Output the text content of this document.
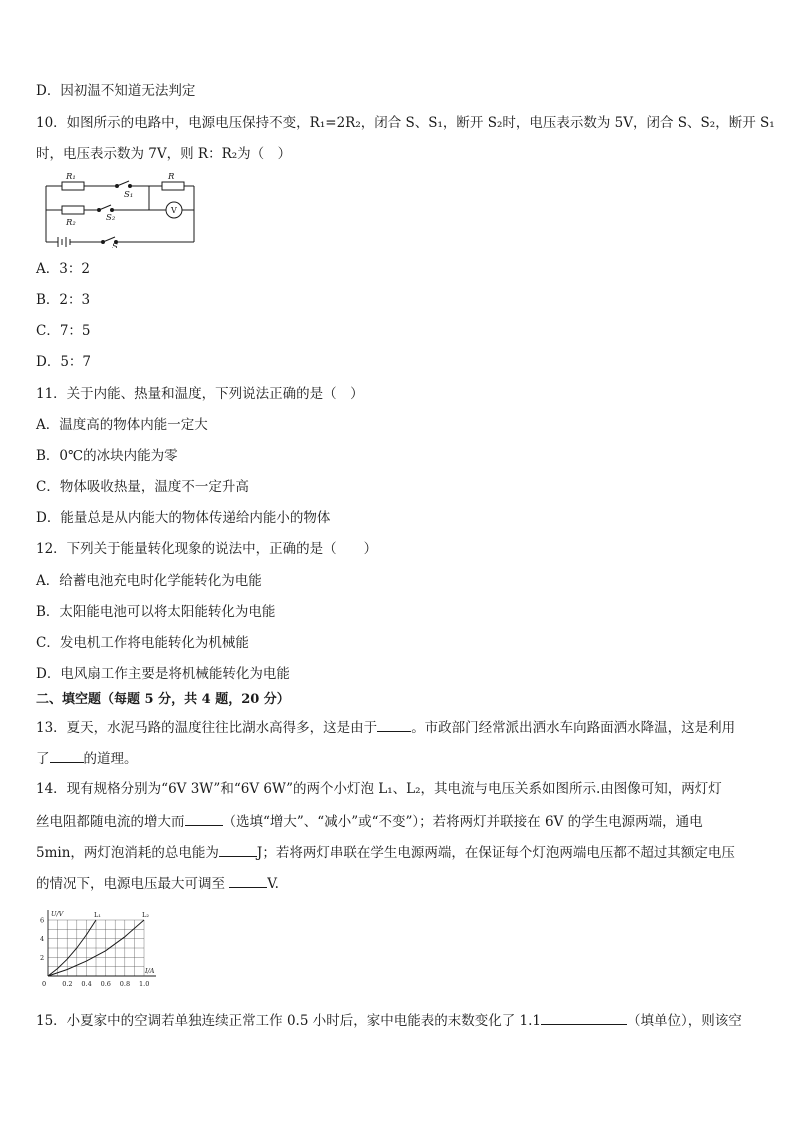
D．因初温不知道无法判定
10．如图所示的电路中，电源电压保持不变，R₁=2R₂，闭合 S、S₁，断开 S₂时，电压表示数为 5V，闭合 S、S₂，断开 S₁
时，电压表示数为 7V，则 R：R₂为（　）
R₁
S₁
R
R₂	S₂
V
S
A．3：2
B．2：3
C．7：5
D．5：7
11．关于内能、热量和温度，下列说法正确的是（　）
A．温度高的物体内能一定大
B．0℃的冰块内能为零
C．物体吸收热量，温度不一定升高
D．能量总是从内能大的物体传递给内能小的物体
12．下列关于能量转化现象的说法中，正确的是（　　）
A．给蓄电池充电时化学能转化为电能
B．太阳能电池可以将太阳能转化为电能
C．发电机工作将电能转化为机械能
D．电风扇工作主要是将机械能转化为电能
二、填空题（每题 5 分，共 4 题，20 分）
13．夏天，水泥马路的温度往往比湖水高得多，这是由于	。市政部门经常派出洒水车向路面洒水降温，这是利用
了	的道理。
14．现有规格分别为“6V 3W”和“6V 6W”的两个小灯泡 L₁、L₂，其电流与电压关系如图所示.由图像可知，两灯灯
丝电阻都随电流的增大而	（选填“增大”、“减小”或“不变”）；若将两灯并联接在 6V 的学生电源两端，通电
5min，两灯泡消耗的总电能为	J；若将两灯串联在学生电源两端，在保证每个灯泡两端电压都不超过其额定电压
的情况下，电源电压最大可调至	V.
0 0.2 0.4 0.6 0.8 1.0
2
4
6
U/V
I/A
L₁	L₂
15．小夏家中的空调若单独连续正常工作 0.5 小时后，家中电能表的末数变化了 1.1	（填单位），则该空
